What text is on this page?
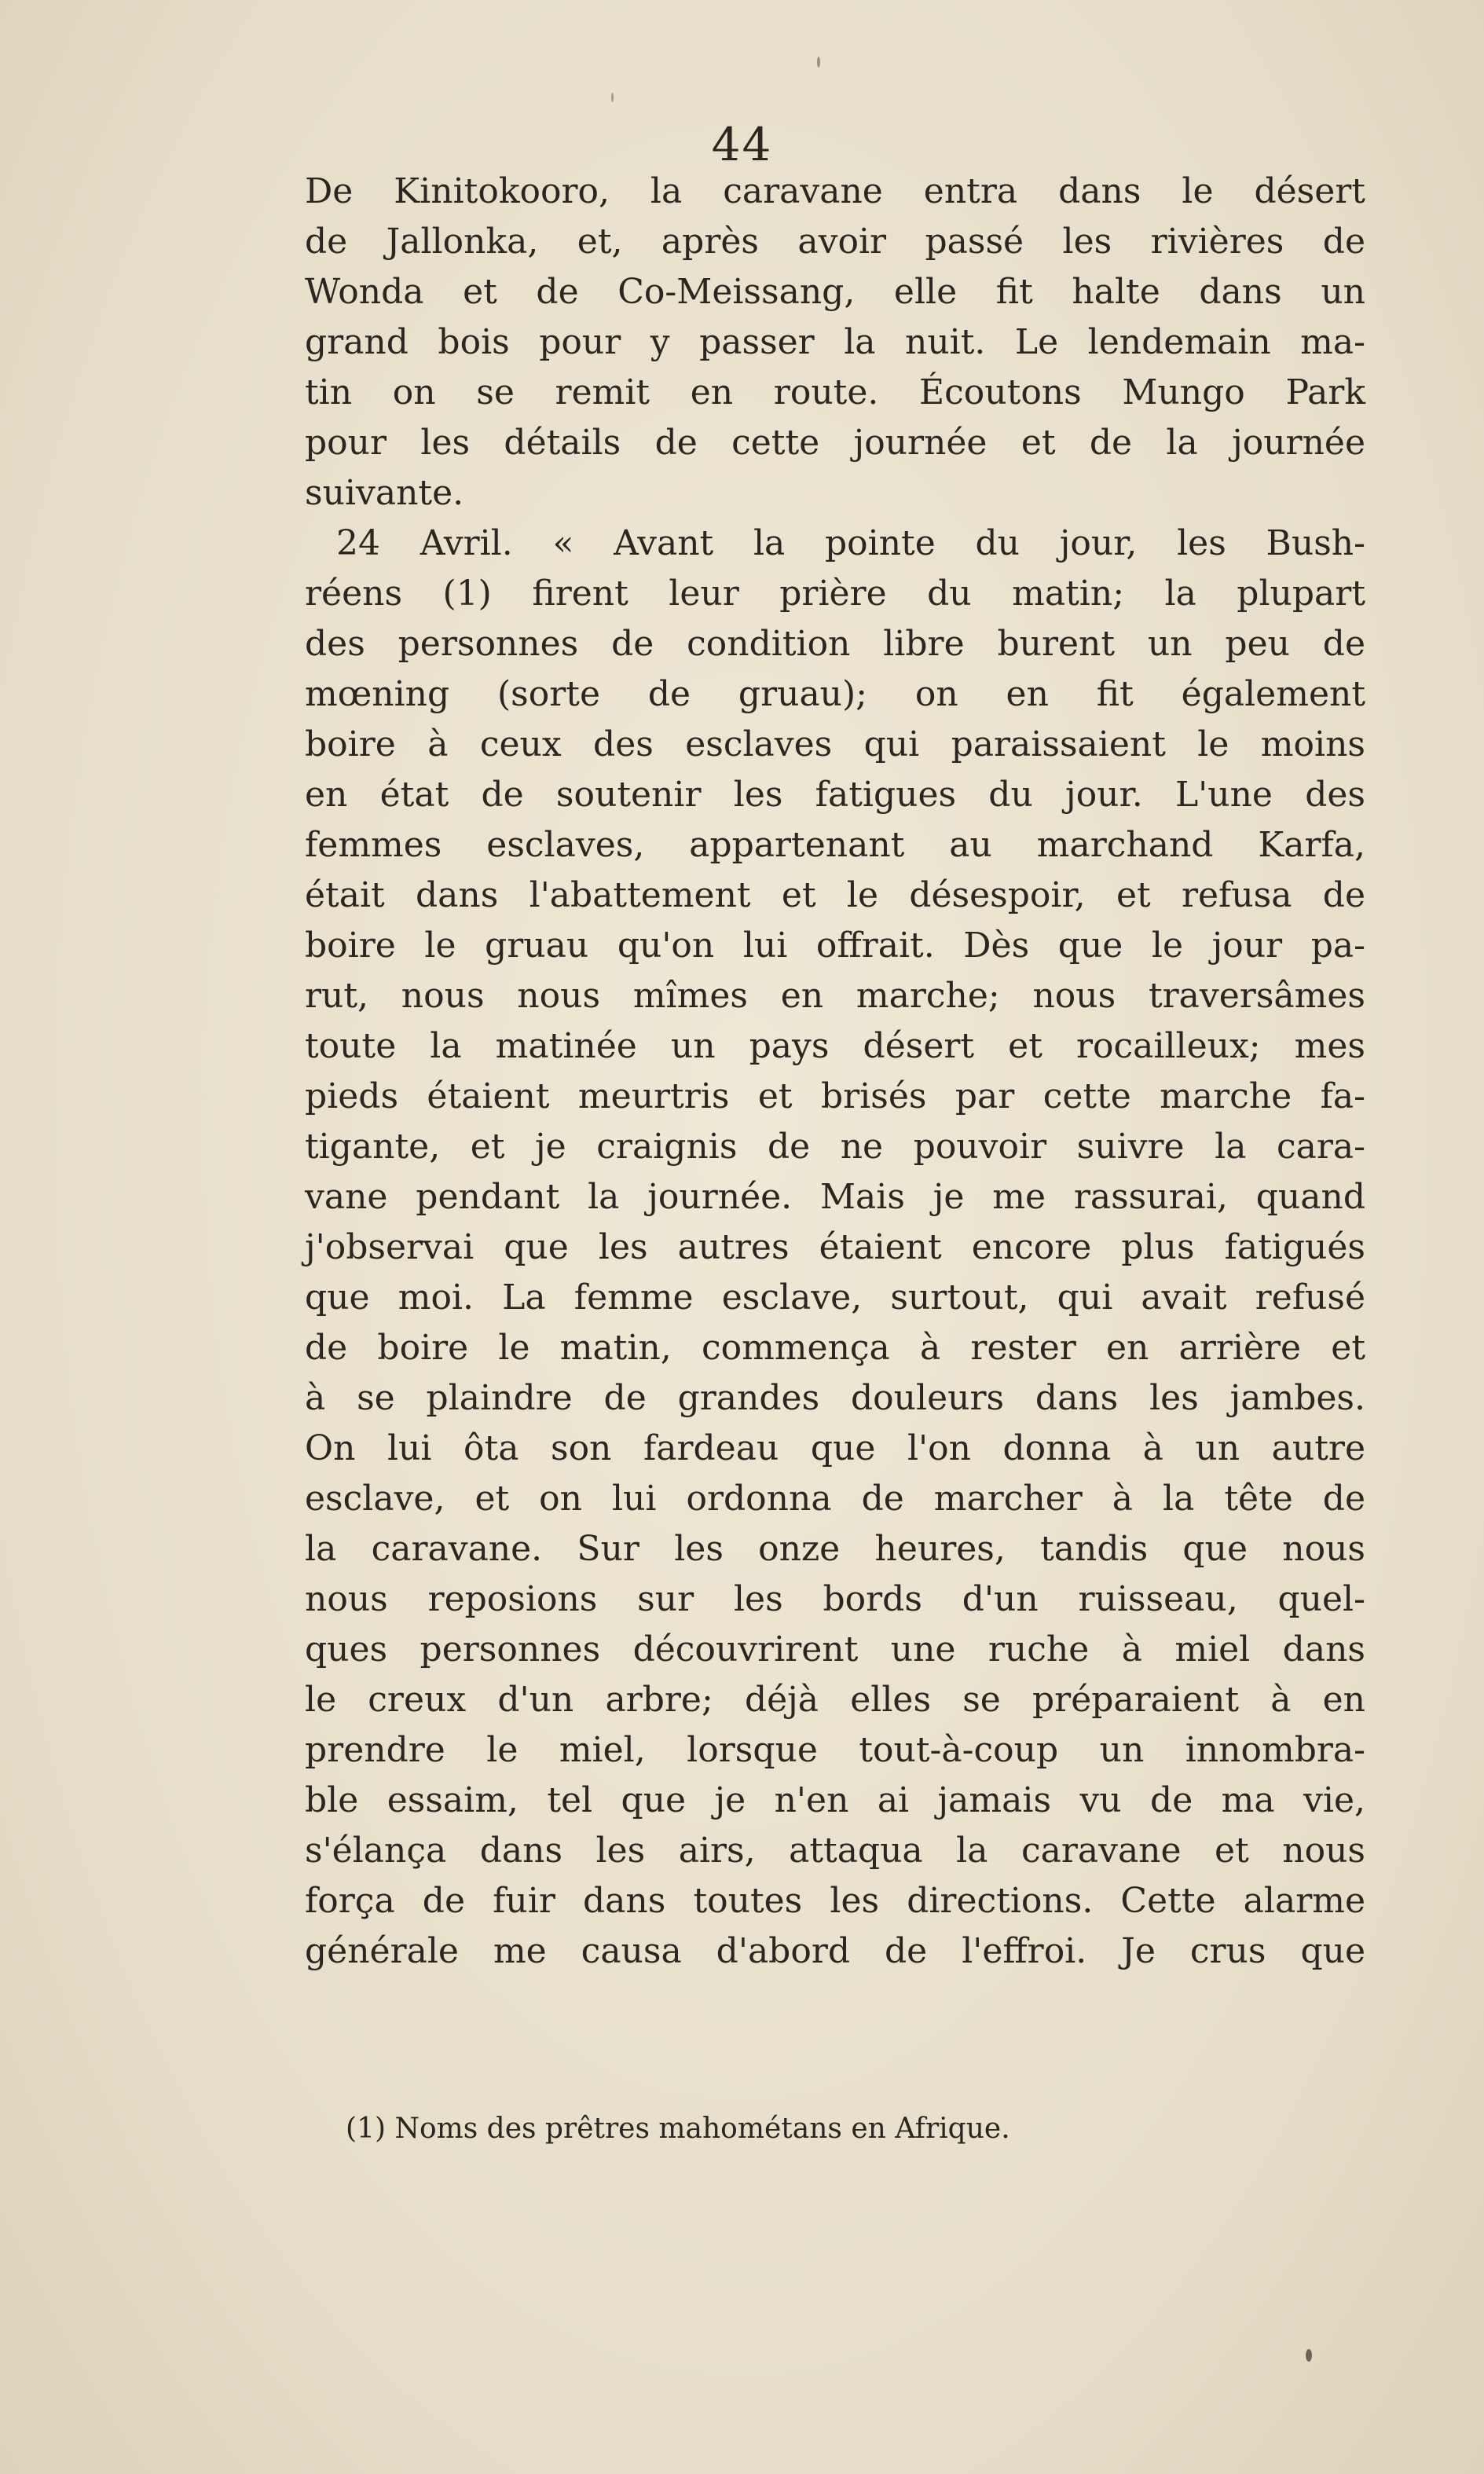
44
De Kinitokooro, la caravane entra dans le désert
de Jallonka, et, après avoir passé les rivières de
Wonda et de Co-Meissang, elle fit halte dans un
grand bois pour y passer la nuit. Le lendemain ma-
tin on se remit en route. Écoutons Mungo Park
pour les détails de cette journée et de la journée
suivante.
24 Avril. « Avant la pointe du jour, les Bush-
réens (1) firent leur prière du matin; la plupart
des personnes de condition libre burent un peu de
mœning (sorte de gruau); on en fit également
boire à ceux des esclaves qui paraissaient le moins
en état de soutenir les fatigues du jour. L'une des
femmes esclaves, appartenant au marchand Karfa,
était dans l'abattement et le désespoir, et refusa de
boire le gruau qu'on lui offrait. Dès que le jour pa-
rut, nous nous mîmes en marche; nous traversâmes
toute la matinée un pays désert et rocailleux; mes
pieds étaient meurtris et brisés par cette marche fa-
tigante, et je craignis de ne pouvoir suivre la cara-
vane pendant la journée. Mais je me rassurai, quand
j'observai que les autres étaient encore plus fatigués
que moi. La femme esclave, surtout, qui avait refusé
de boire le matin, commença à rester en arrière et
à se plaindre de grandes douleurs dans les jambes.
On lui ôta son fardeau que l'on donna à un autre
esclave, et on lui ordonna de marcher à la tête de
la caravane. Sur les onze heures, tandis que nous
nous reposions sur les bords d'un ruisseau, quel-
ques personnes découvrirent une ruche à miel dans
le creux d'un arbre; déjà elles se préparaient à en
prendre le miel, lorsque tout-à-coup un innombra-
ble essaim, tel que je n'en ai jamais vu de ma vie,
s'élança dans les airs, attaqua la caravane et nous
força de fuir dans toutes les directions. Cette alarme
générale me causa d'abord de l'effroi. Je crus que
(1) Noms des prêtres mahométans en Afrique.
